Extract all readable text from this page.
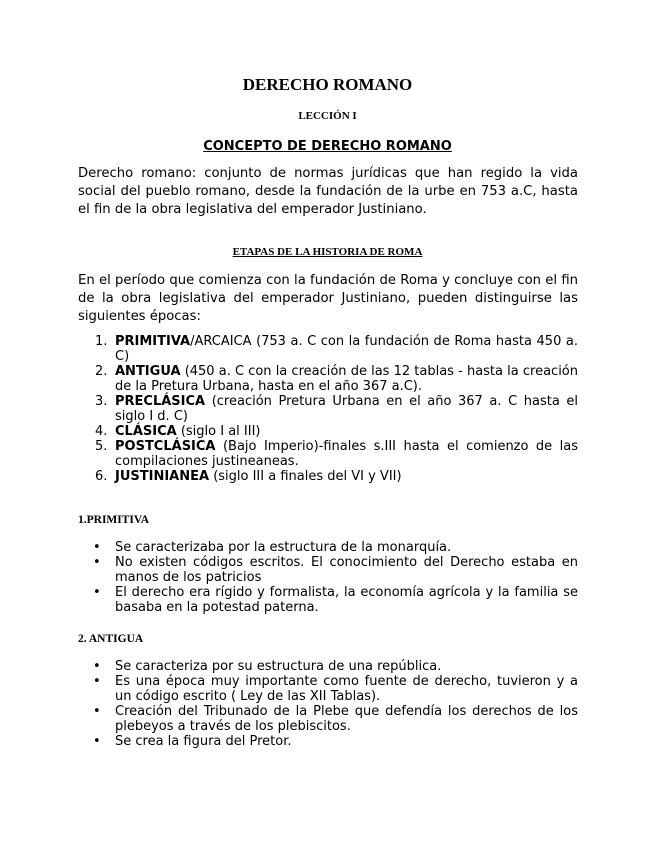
DERECHO ROMANO
LECCIÓN I
CONCEPTO DE DERECHO ROMANO
Derecho romano: conjunto de normas jurídicas que han regido la vida social del pueblo romano, desde la fundación de la urbe en 753 a.C, hasta el fin de la obra legislativa del emperador Justiniano.
ETAPAS DE LA HISTORIA DE ROMA
En el período que comienza con la fundación de Roma y concluye con el fin de la obra legislativa del emperador Justiniano, pueden distinguirse las siguientes épocas:
1. PRIMITIVA/ARCAICA (753 a. C con la fundación de Roma hasta 450 a. C)
2. ANTIGUA (450 a. C con la creación de las 12 tablas - hasta la creación de la Pretura Urbana, hasta en el año 367 a.C).
3. PRECLÁSICA (creación Pretura Urbana en el año 367 a. C hasta el siglo I d. C)
4. CLÁSICA (siglo I al III)
5. POSTCLÁSICA (Bajo Imperio)-finales s.III hasta el comienzo de las compilaciones justineaneas.
6. JUSTINIANEA (siglo III a finales del VI y VII)
1.PRIMITIVA
• Se caracterizaba por la estructura de la monarquía.
• No existen códigos escritos. El conocimiento del Derecho estaba en manos de los patricios
• El derecho era rígido y formalista, la economía agrícola y la familia se basaba en la potestad paterna.
2. ANTIGUA
• Se caracteriza por su estructura de una república.
• Es una época muy importante como fuente de derecho, tuvieron y a un código escrito ( Ley de las XII Tablas).
• Creación del Tribunado de la Plebe que defendía los derechos de los plebeyos a través de los plebiscitos.
• Se crea la figura del Pretor.
